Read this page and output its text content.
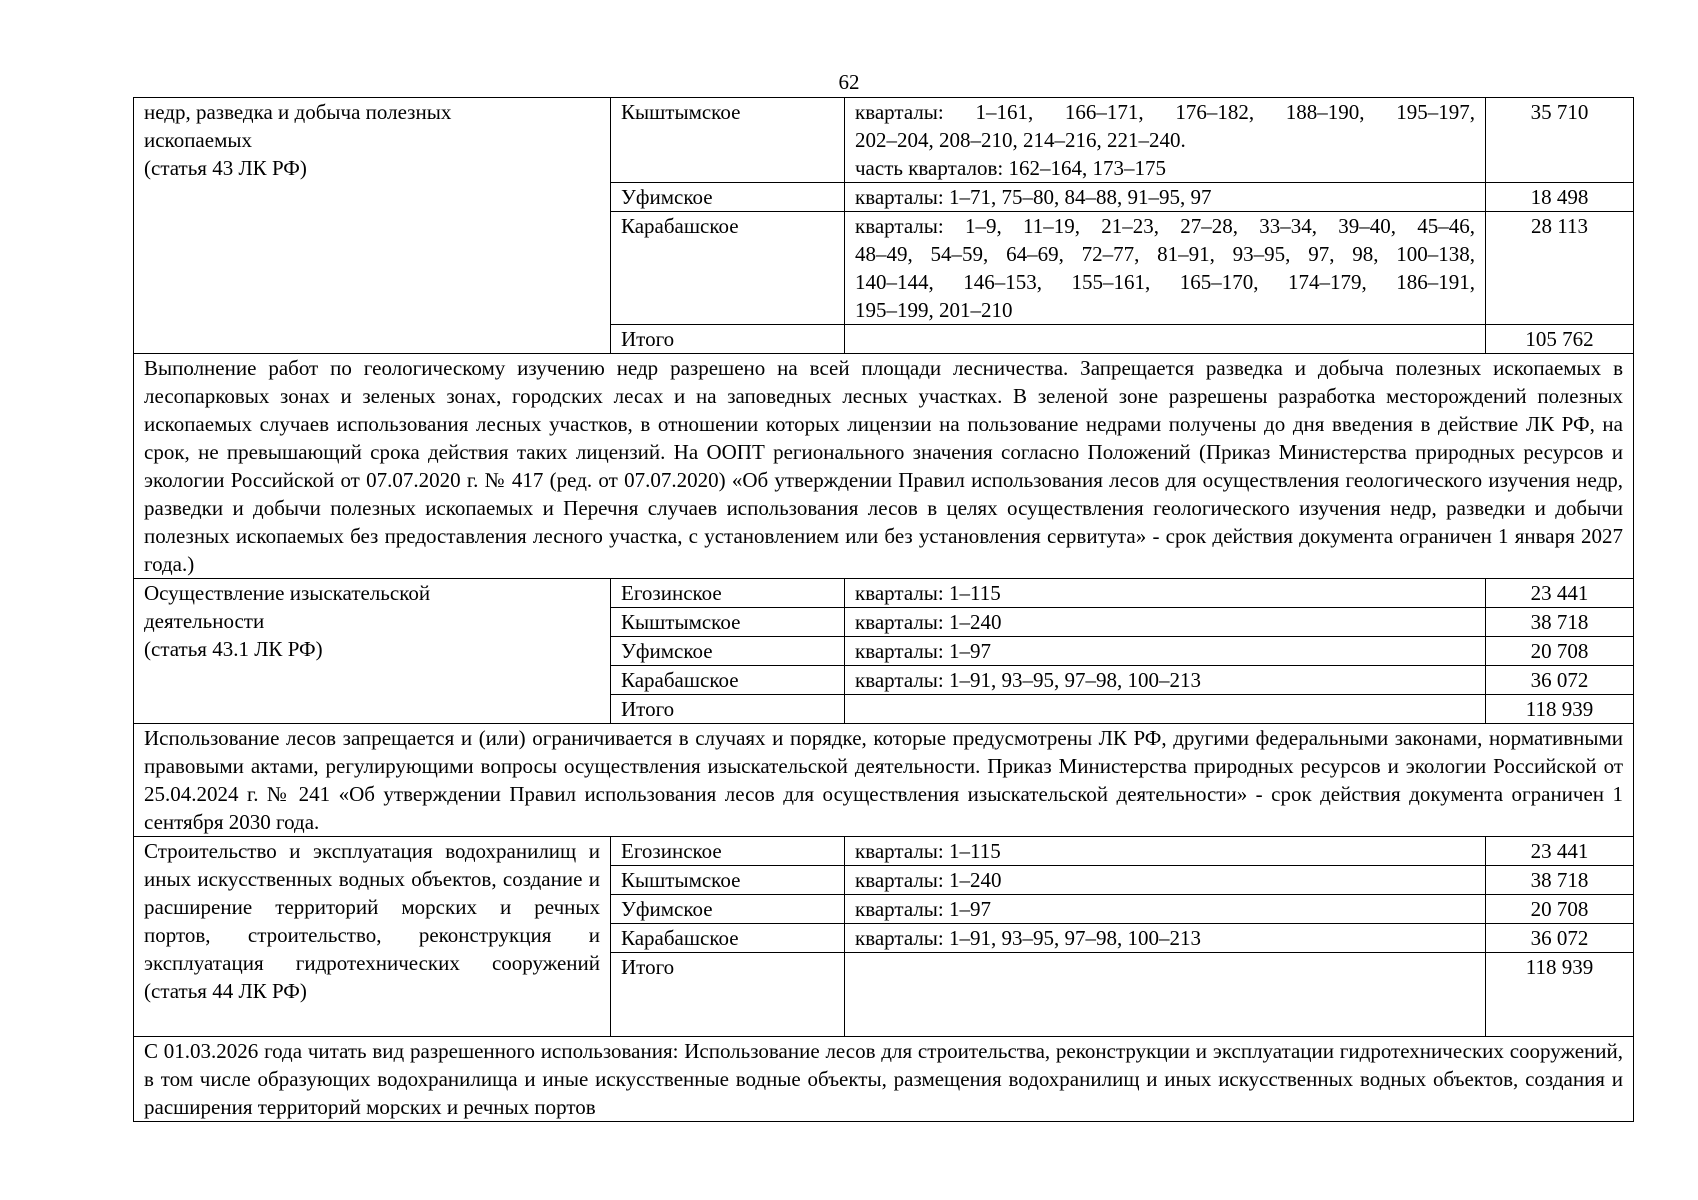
62
недр, разведка и добыча полезных
ископаемых
(статья 43 ЛК РФ)	Кыштымское	кварталы: 1–161, 166–171, 176–182, 188–190, 195–197,
202–204, 208–210, 214–216, 221–240.
часть кварталов: 162–164, 173–175	35 710
	Уфимское	кварталы: 1–71, 75–80, 84–88, 91–95, 97	18 498
	Карабашское	кварталы: 1–9, 11–19, 21–23, 27–28, 33–34, 39–40, 45–46,
48–49, 54–59, 64–69, 72–77, 81–91, 93–95, 97, 98, 100–138,
140–144, 146–153, 155–161, 165–170, 174–179, 186–191,
195–199, 201–210	28 113
	Итого		105 762
Выполнение работ по геологическому изучению недр разрешено на всей площади лесничества. Запрещается разведка и добыча полезных ископаемых в лесопарковых зонах и зеленых зонах, городских лесах и на заповедных лесных участках. В зеленой зоне разрешены разработка месторождений полезных ископаемых случаев использования лесных участков, в отношении которых лицензии на пользование недрами получены до дня введения в действие ЛК РФ, на срок, не превышающий срока действия таких лицензий. На ООПТ регионального значения согласно Положений (Приказ Министерства природных ресурсов и экологии Российской от 07.07.2020 г. № 417 (ред. от 07.07.2020) «Об утверждении Правил использования лесов для осуществления геологического изучения недр, разведки и добычи полезных ископаемых и Перечня случаев использования лесов в целях осуществления геологического изучения недр, разведки и добычи полезных ископаемых без предоставления лесного участка, с установлением или без установления сервитута» - срок действия документа ограничен 1 января 2027 года.)			

Осуществление изыскательской
деятельности
(статья 43.1 ЛК РФ)	Егозинское	кварталы: 1–115	23 441
	Кыштымское	кварталы: 1–240	38 718
	Уфимское	кварталы: 1–97	20 708
	Карабашское	кварталы: 1–91, 93–95, 97–98, 100–213	36 072
	Итого		118 939
Использование лесов запрещается и (или) ограничивается в случаях и порядке, которые предусмотрены ЛК РФ, другими федеральными законами, нормативными правовыми актами, регулирующими вопросы осуществления изыскательской деятельности. Приказ Министерства природных ресурсов и экологии Российской от 25.04.2024 г. № 241 «Об утверждении Правил использования лесов для осуществления изыскательской деятельности» - срок действия документа ограничен 1 сентября 2030 года.			
Строительство и эксплуатация водохранилищ и иных искусственных водных объектов, создание и расширение территорий морских и речных портов, строительство, реконструкция и эксплуатация гидротехнических сооружений (статья 44 ЛК РФ)	Егозинское	кварталы: 1–115	23 441
	Кыштымское	кварталы: 1–240	38 718
	Уфимское	кварталы: 1–97	20 708
	Карабашское	кварталы: 1–91, 93–95, 97–98, 100–213	36 072
	Итого		118 939
С 01.03.2026 года читать вид разрешенного использования: Использование лесов для строительства, реконструкции и эксплуатации гидротехнических сооружений, в том числе образующих водохранилища и иные искусственные водные объекты, размещения водохранилищ и иных искусственных водных объектов, создания и расширения территорий морских и речных портов			
